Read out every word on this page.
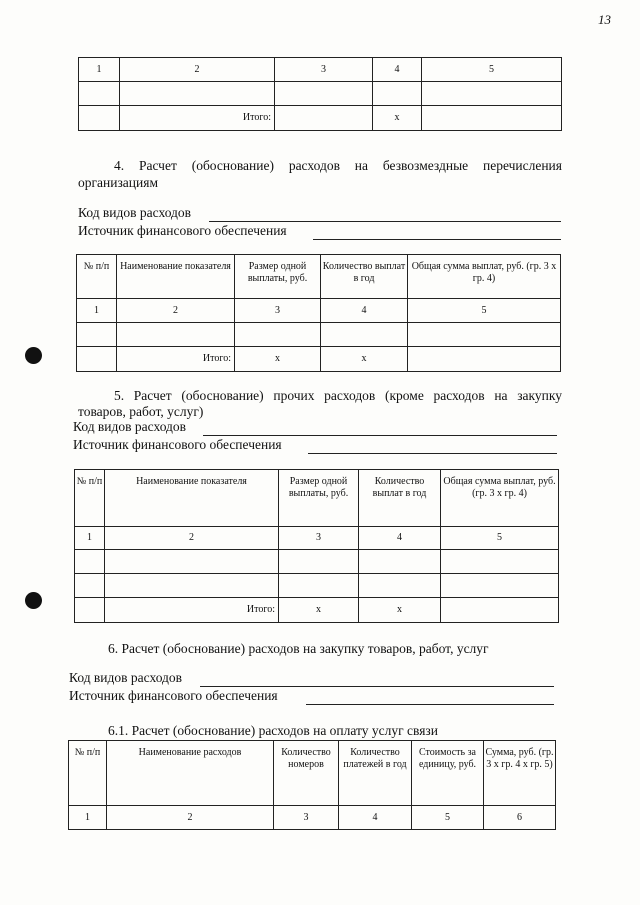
13
1	2	3	4	5

	Итого:		х	
4. Расчет (обоснование) расходов на безвозмездные перечисления
организациям
Код видов расходов
Источник финансового обеспечения
№ п/п	Наименование показателя	Размер одной выплаты, руб.	Количество выплат в год	Общая сумма выплат, руб. (гр. 3 х гр. 4)
1	2	3	4	5

	Итого:	х	х	
5. Расчет (обоснование) прочих расходов (кроме расходов на закупку
товаров, работ, услуг)
Код видов расходов
Источник финансового обеспечения
№ п/п	Наименование показателя	Размер одной выплаты, руб.	Количество выплат в год	Общая сумма выплат, руб. (гр. 3 х гр. 4)
1	2	3	4	5

	Итого:	х	х	
6. Расчет (обоснование) расходов на закупку товаров, работ, услуг
Код видов расходов
Источник финансового обеспечения
6.1. Расчет (обоснование) расходов на оплату услуг связи
№ п/п	Наименование расходов	Количество номеров	Количество платежей в год	Стоимость за единицу, руб.	Сумма, руб. (гр. 3 х гр. 4 х гр. 5)
1	2	3	4	5	6
